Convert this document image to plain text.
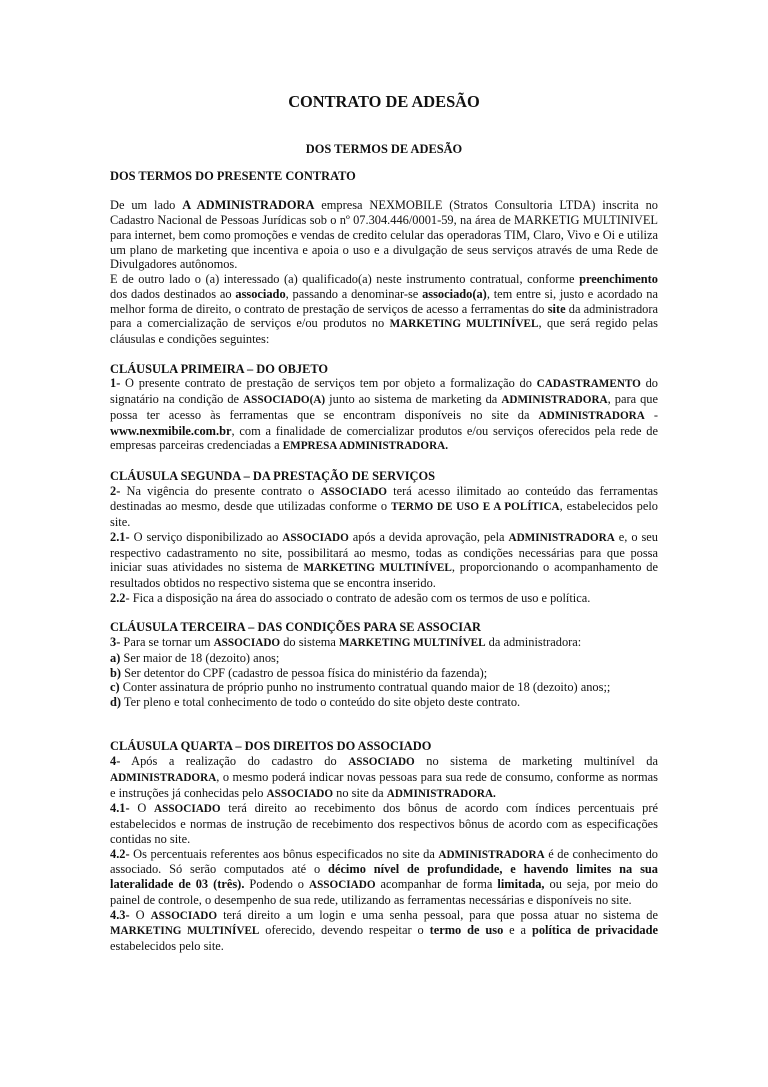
CONTRATO DE ADESÃO
DOS TERMOS DE ADESÃO
DOS TERMOS DO PRESENTE CONTRATO

De um lado A ADMINISTRADORA empresa NEXMOBILE (Stratos Consultoria LTDA) inscrita no Cadastro Nacional de Pessoas Jurídicas sob o nº 07.304.446/0001-59, na área de MARKETIG MULTINIVEL para internet, bem como promoções e vendas de credito celular das operadoras TIM, Claro, Vivo e Oi e utiliza um plano de marketing que incentiva e apoia o uso e a divulgação de seus serviços através de uma Rede de Divulgadores autônomos.

E de outro lado o (a) interessado (a) qualificado(a) neste instrumento contratual, conforme preenchimento dos dados destinados ao associado, passando a denominar-se associado(a), tem entre si, justo e acordado na melhor forma de direito, o contrato de prestação de serviços de acesso a ferramentas do site da administradora para a comercialização de serviços e/ou produtos no MARKETING MULTINÍVEL, que será regido pelas cláusulas e condições seguintes:

CLÁUSULA PRIMEIRA – DO OBJETO

1- O presente contrato de prestação de serviços tem por objeto a formalização do CADASTRAMENTO do signatário na condição de ASSOCIADO(A) junto ao sistema de marketing da ADMINISTRADORA, para que possa ter acesso às ferramentas que se encontram disponíveis no site da ADMINISTRADORA - www.nexmibile.com.br, com a finalidade de comercializar produtos e/ou serviços oferecidos pela rede de empresas parceiras credenciadas a EMPRESA ADMINISTRADORA.

CLÁUSULA SEGUNDA – DA PRESTAÇÃO DE SERVIÇOS

2- Na vigência do presente contrato o ASSOCIADO terá acesso ilimitado ao conteúdo das ferramentas destinadas ao mesmo, desde que utilizadas conforme o TERMO DE USO E A POLÍTICA, estabelecidos pelo site.

2.1- O serviço disponibilizado ao ASSOCIADO após a devida aprovação, pela ADMINISTRADORA e, o seu respectivo cadastramento no site, possibilitará ao mesmo, todas as condições necessárias para que possa iniciar suas atividades no sistema de MARKETING MULTINÍVEL, proporcionando o acompanhamento de resultados obtidos no respectivo sistema que se encontra inserido.

2.2- Fica a disposição na área do associado o contrato de adesão com os termos de uso e política.

CLÁUSULA TERCEIRA – DAS CONDIÇÕES PARA SE ASSOCIAR

3- Para se tornar um ASSOCIADO do sistema MARKETING MULTINÍVEL da administradora:

a) Ser maior de 18 (dezoito) anos;

b) Ser detentor do CPF (cadastro de pessoa física do ministério da fazenda);

c) Conter assinatura de próprio punho no instrumento contratual quando maior de 18 (dezoito) anos;;

d) Ter pleno e total conhecimento de todo o conteúdo do site objeto deste contrato.

CLÁUSULA QUARTA – DOS DIREITOS DO ASSOCIADO

4- Após a realização do cadastro do ASSOCIADO no sistema de marketing multinível da ADMINISTRADORA, o mesmo poderá indicar novas pessoas para sua rede de consumo, conforme as normas e instruções já conhecidas pelo ASSOCIADO no site da ADMINISTRADORA.

4.1- O ASSOCIADO terá direito ao recebimento dos bônus de acordo com índices percentuais pré estabelecidos e normas de instrução de recebimento dos respectivos bônus de acordo com as especificações contidas no site.

4.2- Os percentuais referentes aos bônus especificados no site da ADMINISTRADORA é de conhecimento do associado. Só serão computados até o décimo nível de profundidade, e havendo limites na sua lateralidade de 03 (três). Podendo o ASSOCIADO acompanhar de forma limitada, ou seja, por meio do painel de controle, o desempenho de sua rede, utilizando as ferramentas necessárias e disponíveis no site.

4.3- O ASSOCIADO terá direito a um login e uma senha pessoal, para que possa atuar no sistema de MARKETING MULTINÍVEL oferecido, devendo respeitar o termo de uso e a política de privacidade estabelecidos pelo site.
